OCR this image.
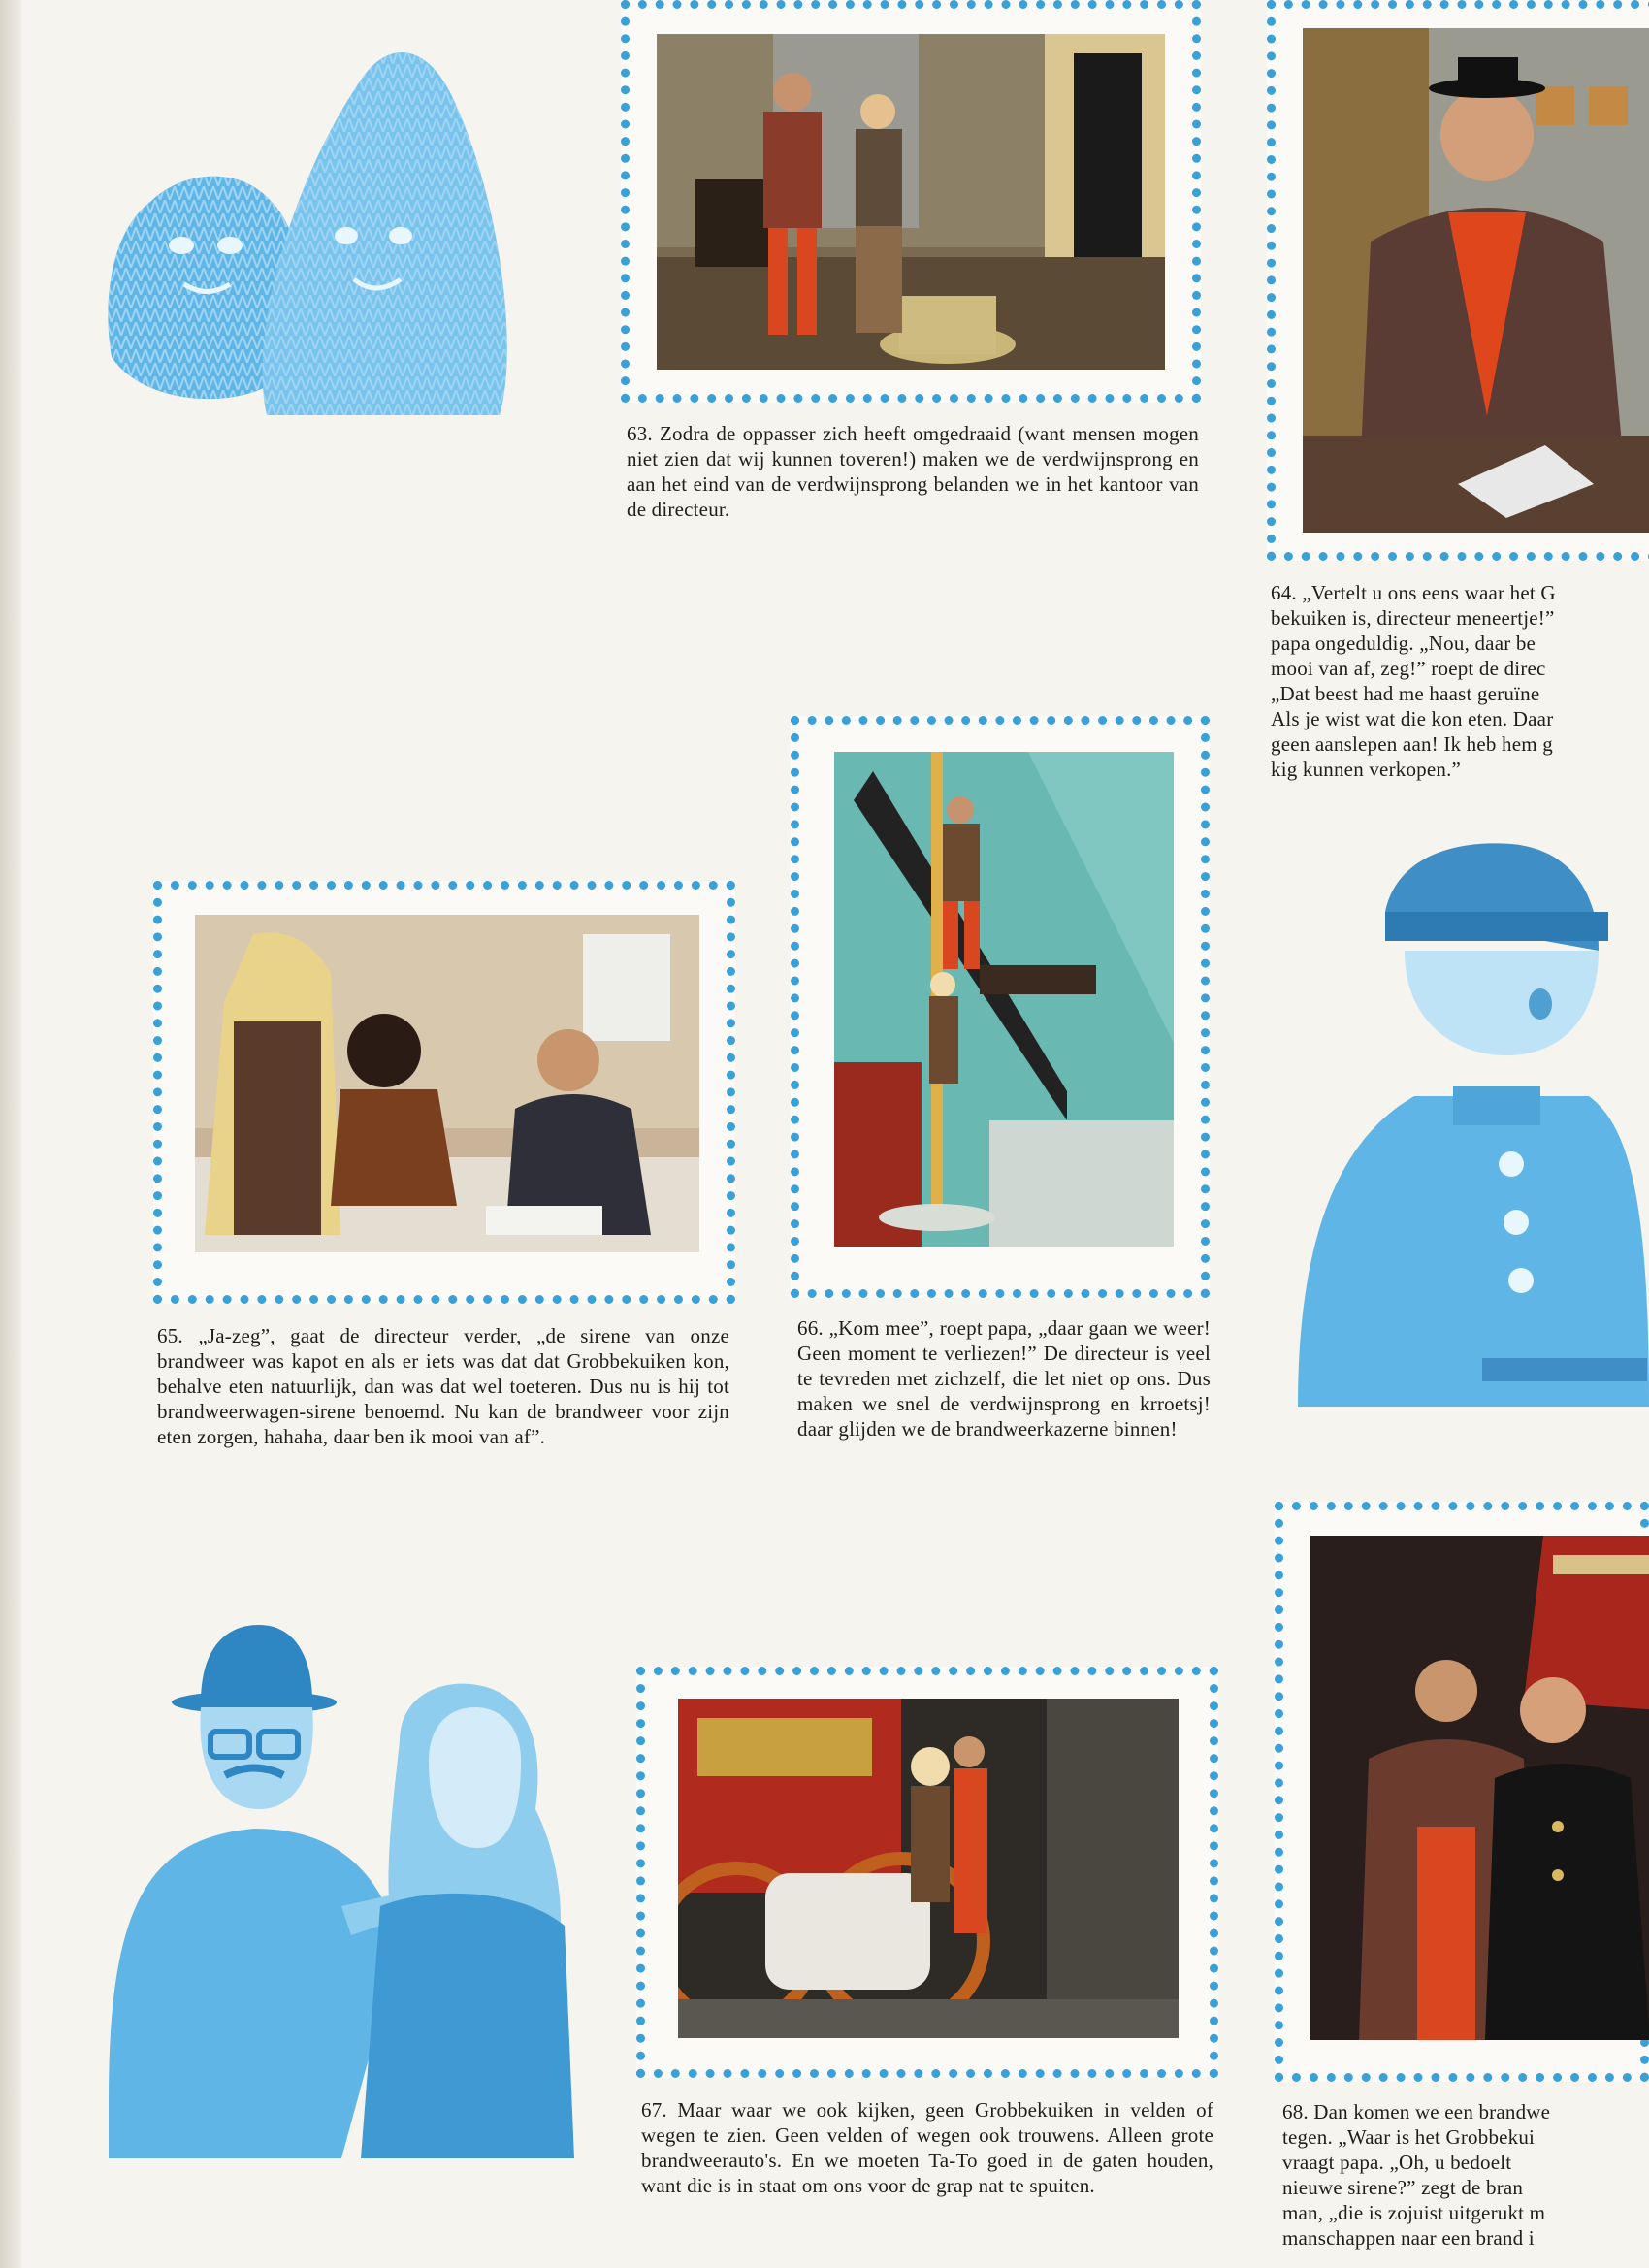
63. Zodra de oppasser zich heeft omgedraaid (want mensen mogen niet zien dat wij kunnen toveren!) maken we de verdwijnsprong en aan het eind van de verdwijnsprong belanden we in het kantoor van de directeur.

64. „Vertelt u ons eens waar het G
bekuiken is, directeur meneertje!”
papa ongeduldig. „Nou, daar be
mooi van af, zeg!” roept de direc
„Dat beest had me haast geruïne
Als je wist wat die kon eten. Daar
geen aanslepen aan! Ik heb hem g
kig kunnen verkopen.”

66. „Kom mee”, roept papa, „daar gaan we weer! Geen moment te verliezen!” De directeur is veel te tevreden met zichzelf, die let niet op ons. Dus maken we snel de verdwijnsprong en krroetsj! daar glijden we de brandweerkazerne binnen!

65. „Ja-zeg”, gaat de directeur verder, „de sirene van onze brandweer was kapot en als er iets was dat dat Grobbekuiken kon, behalve eten natuurlijk, dan was dat wel toeteren. Dus nu is hij tot brandweerwagen-sirene benoemd. Nu kan de brandweer voor zijn eten zorgen, hahaha, daar ben ik mooi van af”.

68. Dan komen we een brandwe
tegen. „Waar is het Grobbekui
vraagt papa. „Oh, u bedoelt
nieuwe sirene?” zegt de bran
man, „die is zojuist uitgerukt m
manschappen naar een brand i

67. Maar waar we ook kijken, geen Grobbekuiken in velden of wegen te zien. Geen velden of wegen ook trouwens. Alleen grote brandweerauto's. En we moeten Ta-To goed in de gaten houden, want die is in staat om ons voor de grap nat te spuiten.
